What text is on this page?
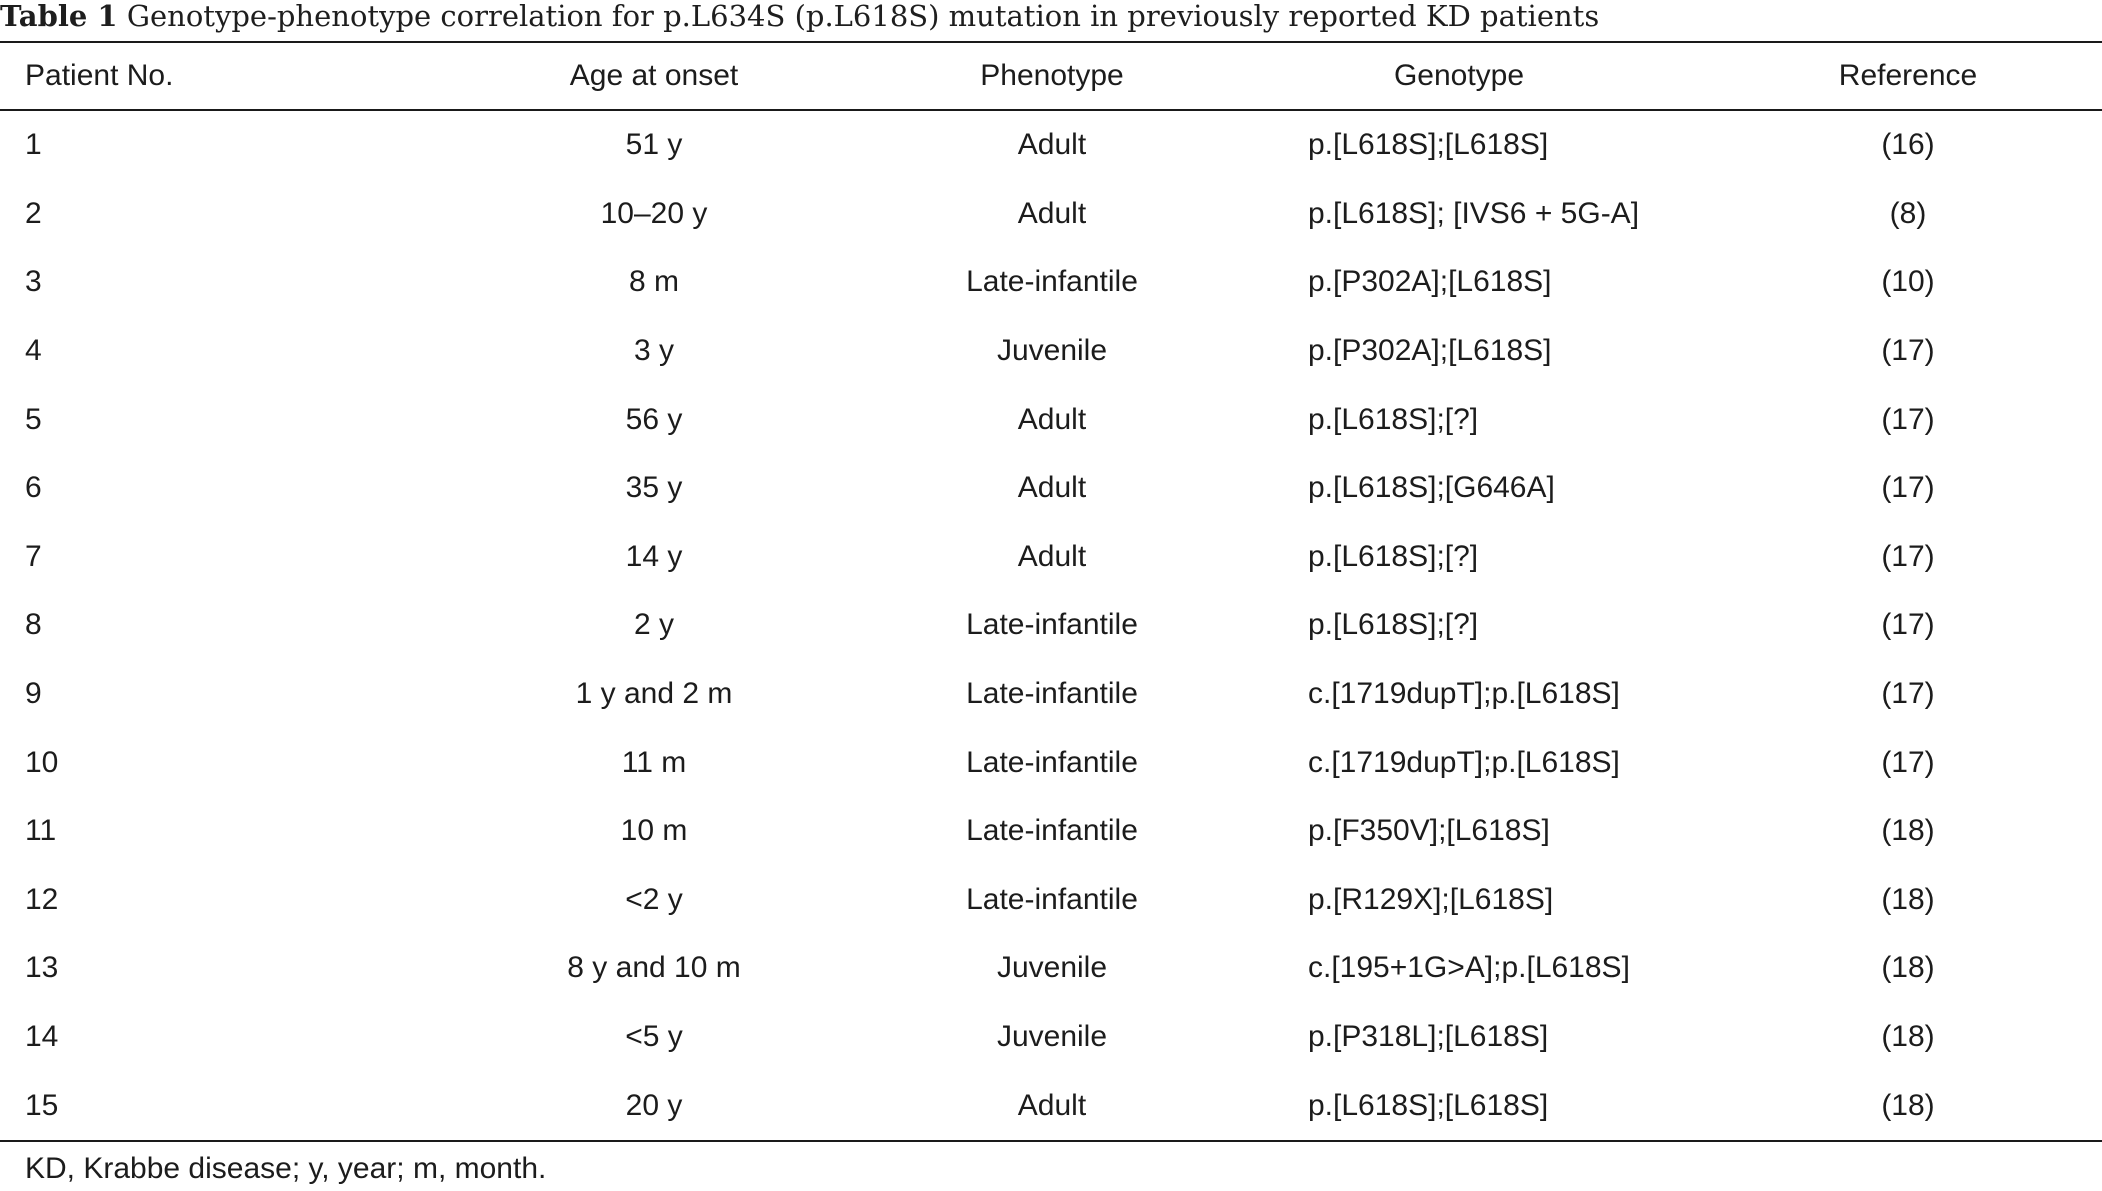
Table 1 Genotype-phenotype correlation for p.L634S (p.L618S) mutation in previously reported KD patients
Patient No.	Age at onset	Phenotype	Genotype	Reference

1	51 y	Adult	p.[L618S];[L618S]	(16)
2	10–20 y	Adult	p.[L618S]; [IVS6 + 5G-A]	(8)
3	8 m	Late-infantile	p.[P302A];[L618S]	(10)
4	3 y	Juvenile	p.[P302A];[L618S]	(17)
5	56 y	Adult	p.[L618S];[?]	(17)
6	35 y	Adult	p.[L618S];[G646A]	(17)
7	14 y	Adult	p.[L618S];[?]	(17)
8	2 y	Late-infantile	p.[L618S];[?]	(17)
9	1 y and 2 m	Late-infantile	c.[1719dupT];p.[L618S]	(17)
10	11 m	Late-infantile	c.[1719dupT];p.[L618S]	(17)
11	10 m	Late-infantile	p.[F350V];[L618S]	(18)
12	<2 y	Late-infantile	p.[R129X];[L618S]	(18)
13	8 y and 10 m	Juvenile	c.[195+1G>A];p.[L618S]	(18)
14	<5 y	Juvenile	p.[P318L];[L618S]	(18)
15	20 y	Adult	p.[L618S];[L618S]	(18)
KD, Krabbe disease; y, year; m, month.
